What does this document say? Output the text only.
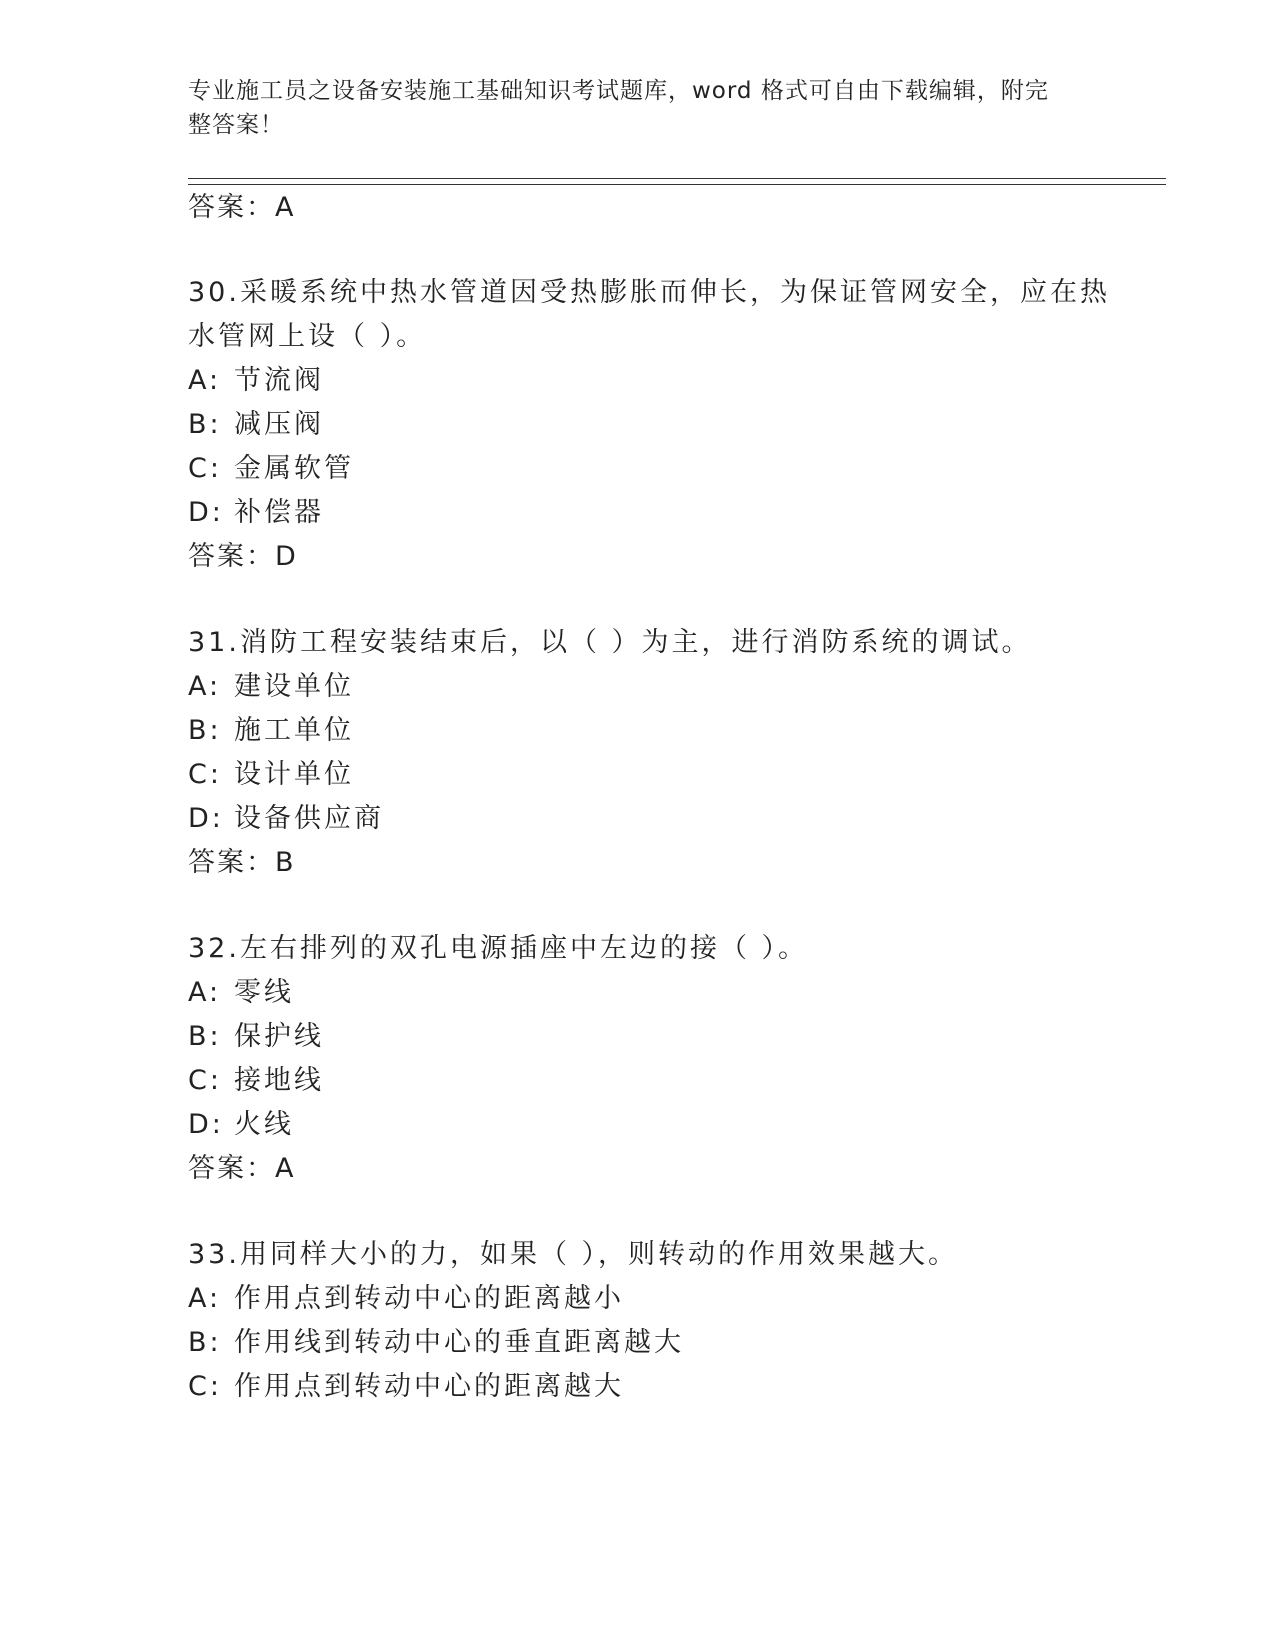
专业施工员之设备安装施工基础知识考试题库，word 格式可自由下载编辑，附完整答案！
答案：A
30.采暖系统中热水管道因受热膨胀而伸长，为保证管网安全，应在热
水管网上设（ ）。
A: 节流阀
B: 减压阀
C: 金属软管
D: 补偿器
答案：D
31.消防工程安装结束后，以（ ）为主，进行消防系统的调试。
A: 建设单位
B: 施工单位
C: 设计单位
D: 设备供应商
答案：B
32.左右排列的双孔电源插座中左边的接（ ）。
A: 零线
B: 保护线
C: 接地线
D: 火线
答案：A
33.用同样大小的力，如果（ ），则转动的作用效果越大。
A: 作用点到转动中心的距离越小
B: 作用线到转动中心的垂直距离越大
C: 作用点到转动中心的距离越大
